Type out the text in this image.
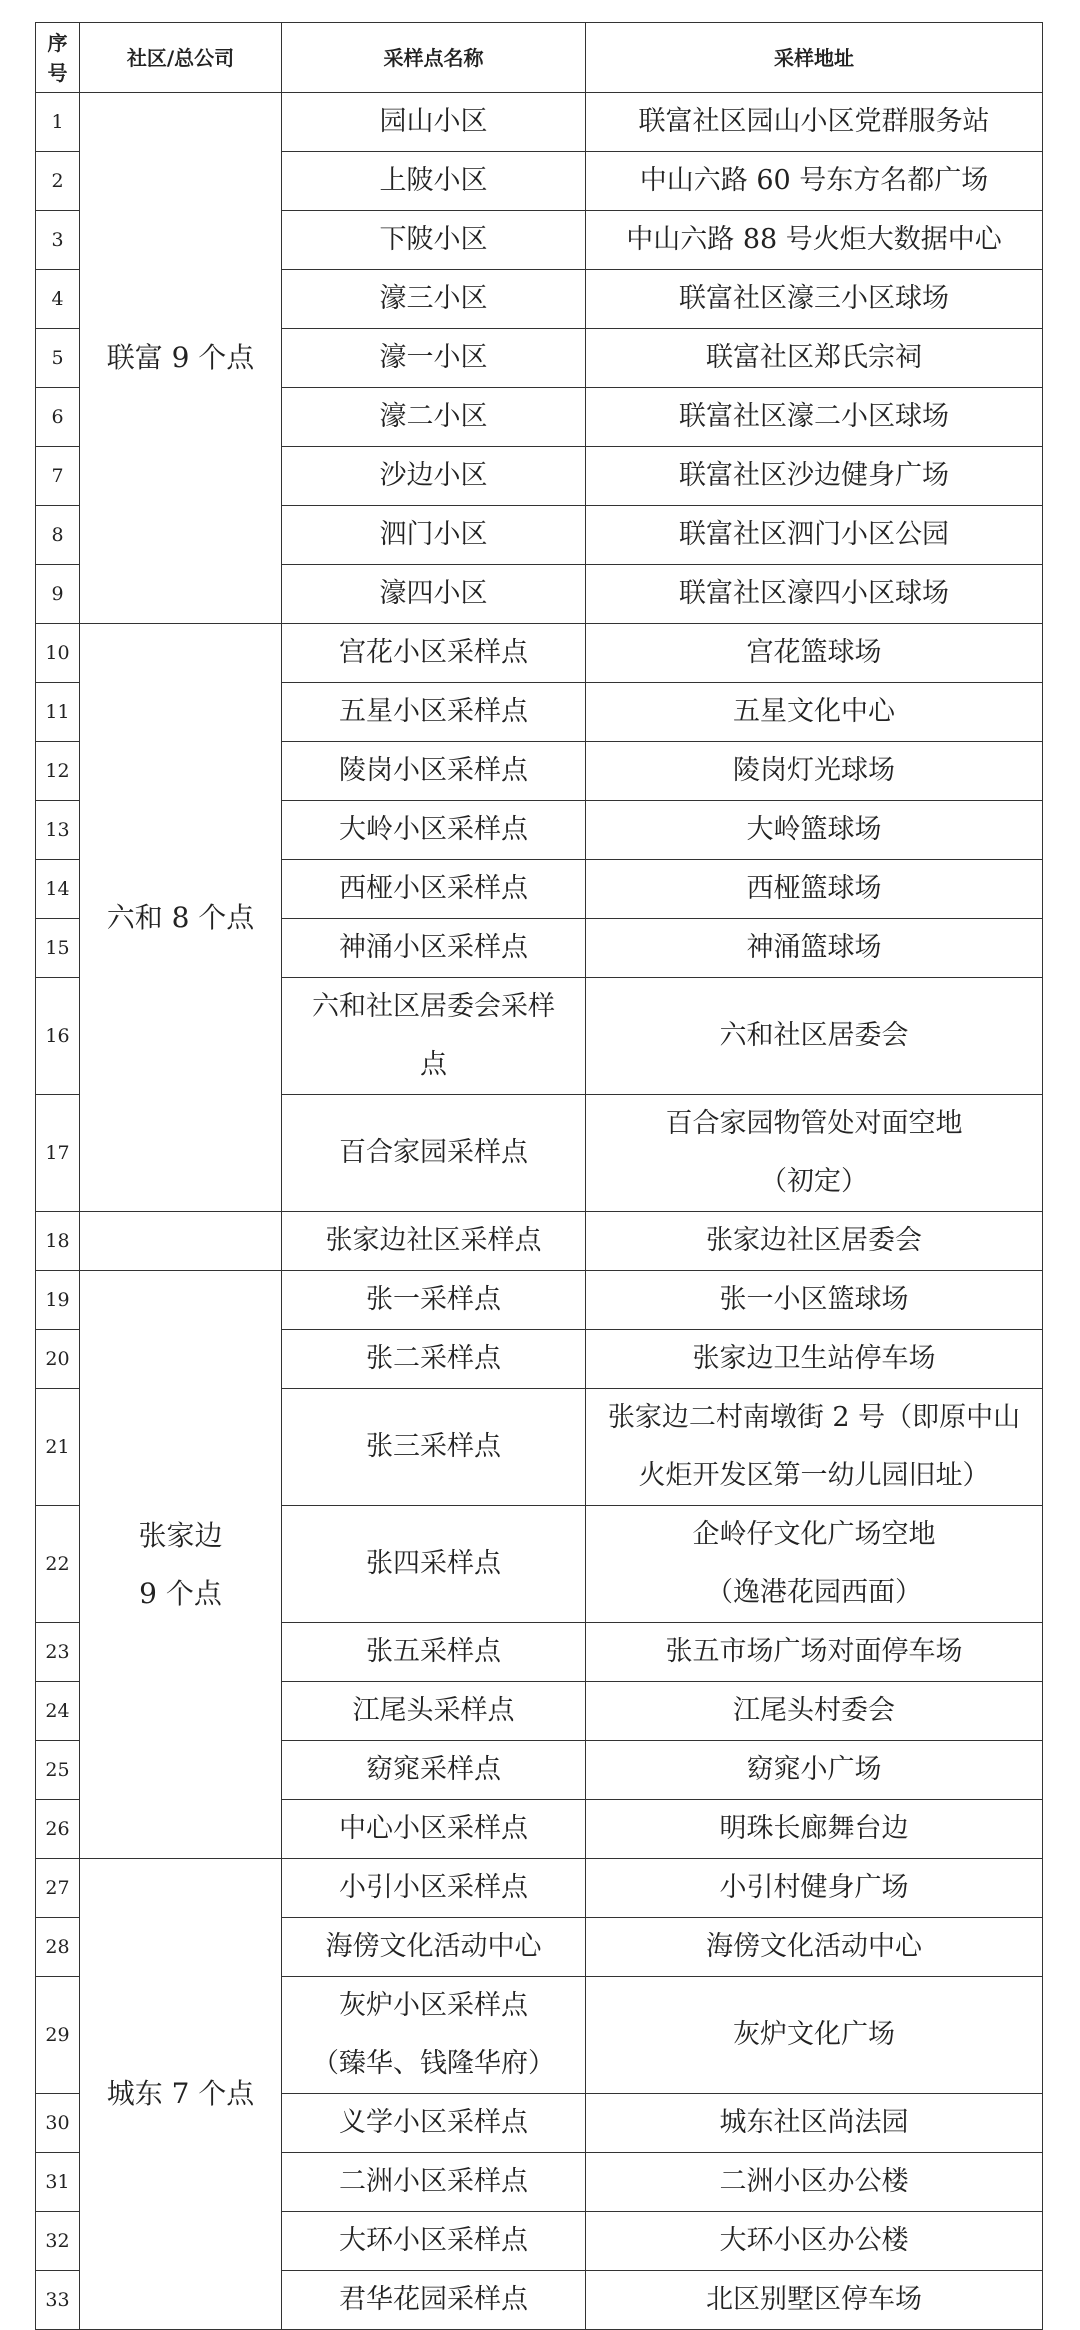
序
号	社区/总公司	采样点名称	采样地址
1	联富 9 个点	园山小区	联富社区园山小区党群服务站
2		上陂小区	中山六路 60 号东方名都广场
3		下陂小区	中山六路 88 号火炬大数据中心
4		濠三小区	联富社区濠三小区球场
5		濠一小区	联富社区郑氏宗祠
6		濠二小区	联富社区濠二小区球场
7		沙边小区	联富社区沙边健身广场
8		泗门小区	联富社区泗门小区公园
9		濠四小区	联富社区濠四小区球场
10	六和 8 个点	宫花小区采样点	宫花篮球场
11		五星小区采样点	五星文化中心
12		陵岗小区采样点	陵岗灯光球场
13		大岭小区采样点	大岭篮球场
14		西桠小区采样点	西桠篮球场
15		神涌小区采样点	神涌篮球场
16		六和社区居委会采样
点	六和社区居委会
17		百合家园采样点	百合家园物管处对面空地
（初定）
18		张家边社区采样点	张家边社区居委会
19	张家边
9 个点	张一采样点	张一小区篮球场
20		张二采样点	张家边卫生站停车场
21		张三采样点	张家边二村南墩街 2 号（即原中山
火炬开发区第一幼儿园旧址）
22		张四采样点	企岭仔文化广场空地
（逸港花园西面）
23		张五采样点	张五市场广场对面停车场
24		江尾头采样点	江尾头村委会
25		窈窕采样点	窈窕小广场
26		中心小区采样点	明珠长廊舞台边
27	城东 7 个点	小引小区采样点	小引村健身广场
28		海傍文化活动中心	海傍文化活动中心
29		灰炉小区采样点
（臻华、钱隆华府）	灰炉文化广场
30		义学小区采样点	城东社区尚法园
31		二洲小区采样点	二洲小区办公楼
32		大环小区采样点	大环小区办公楼
33		君华花园采样点	北区别墅区停车场
